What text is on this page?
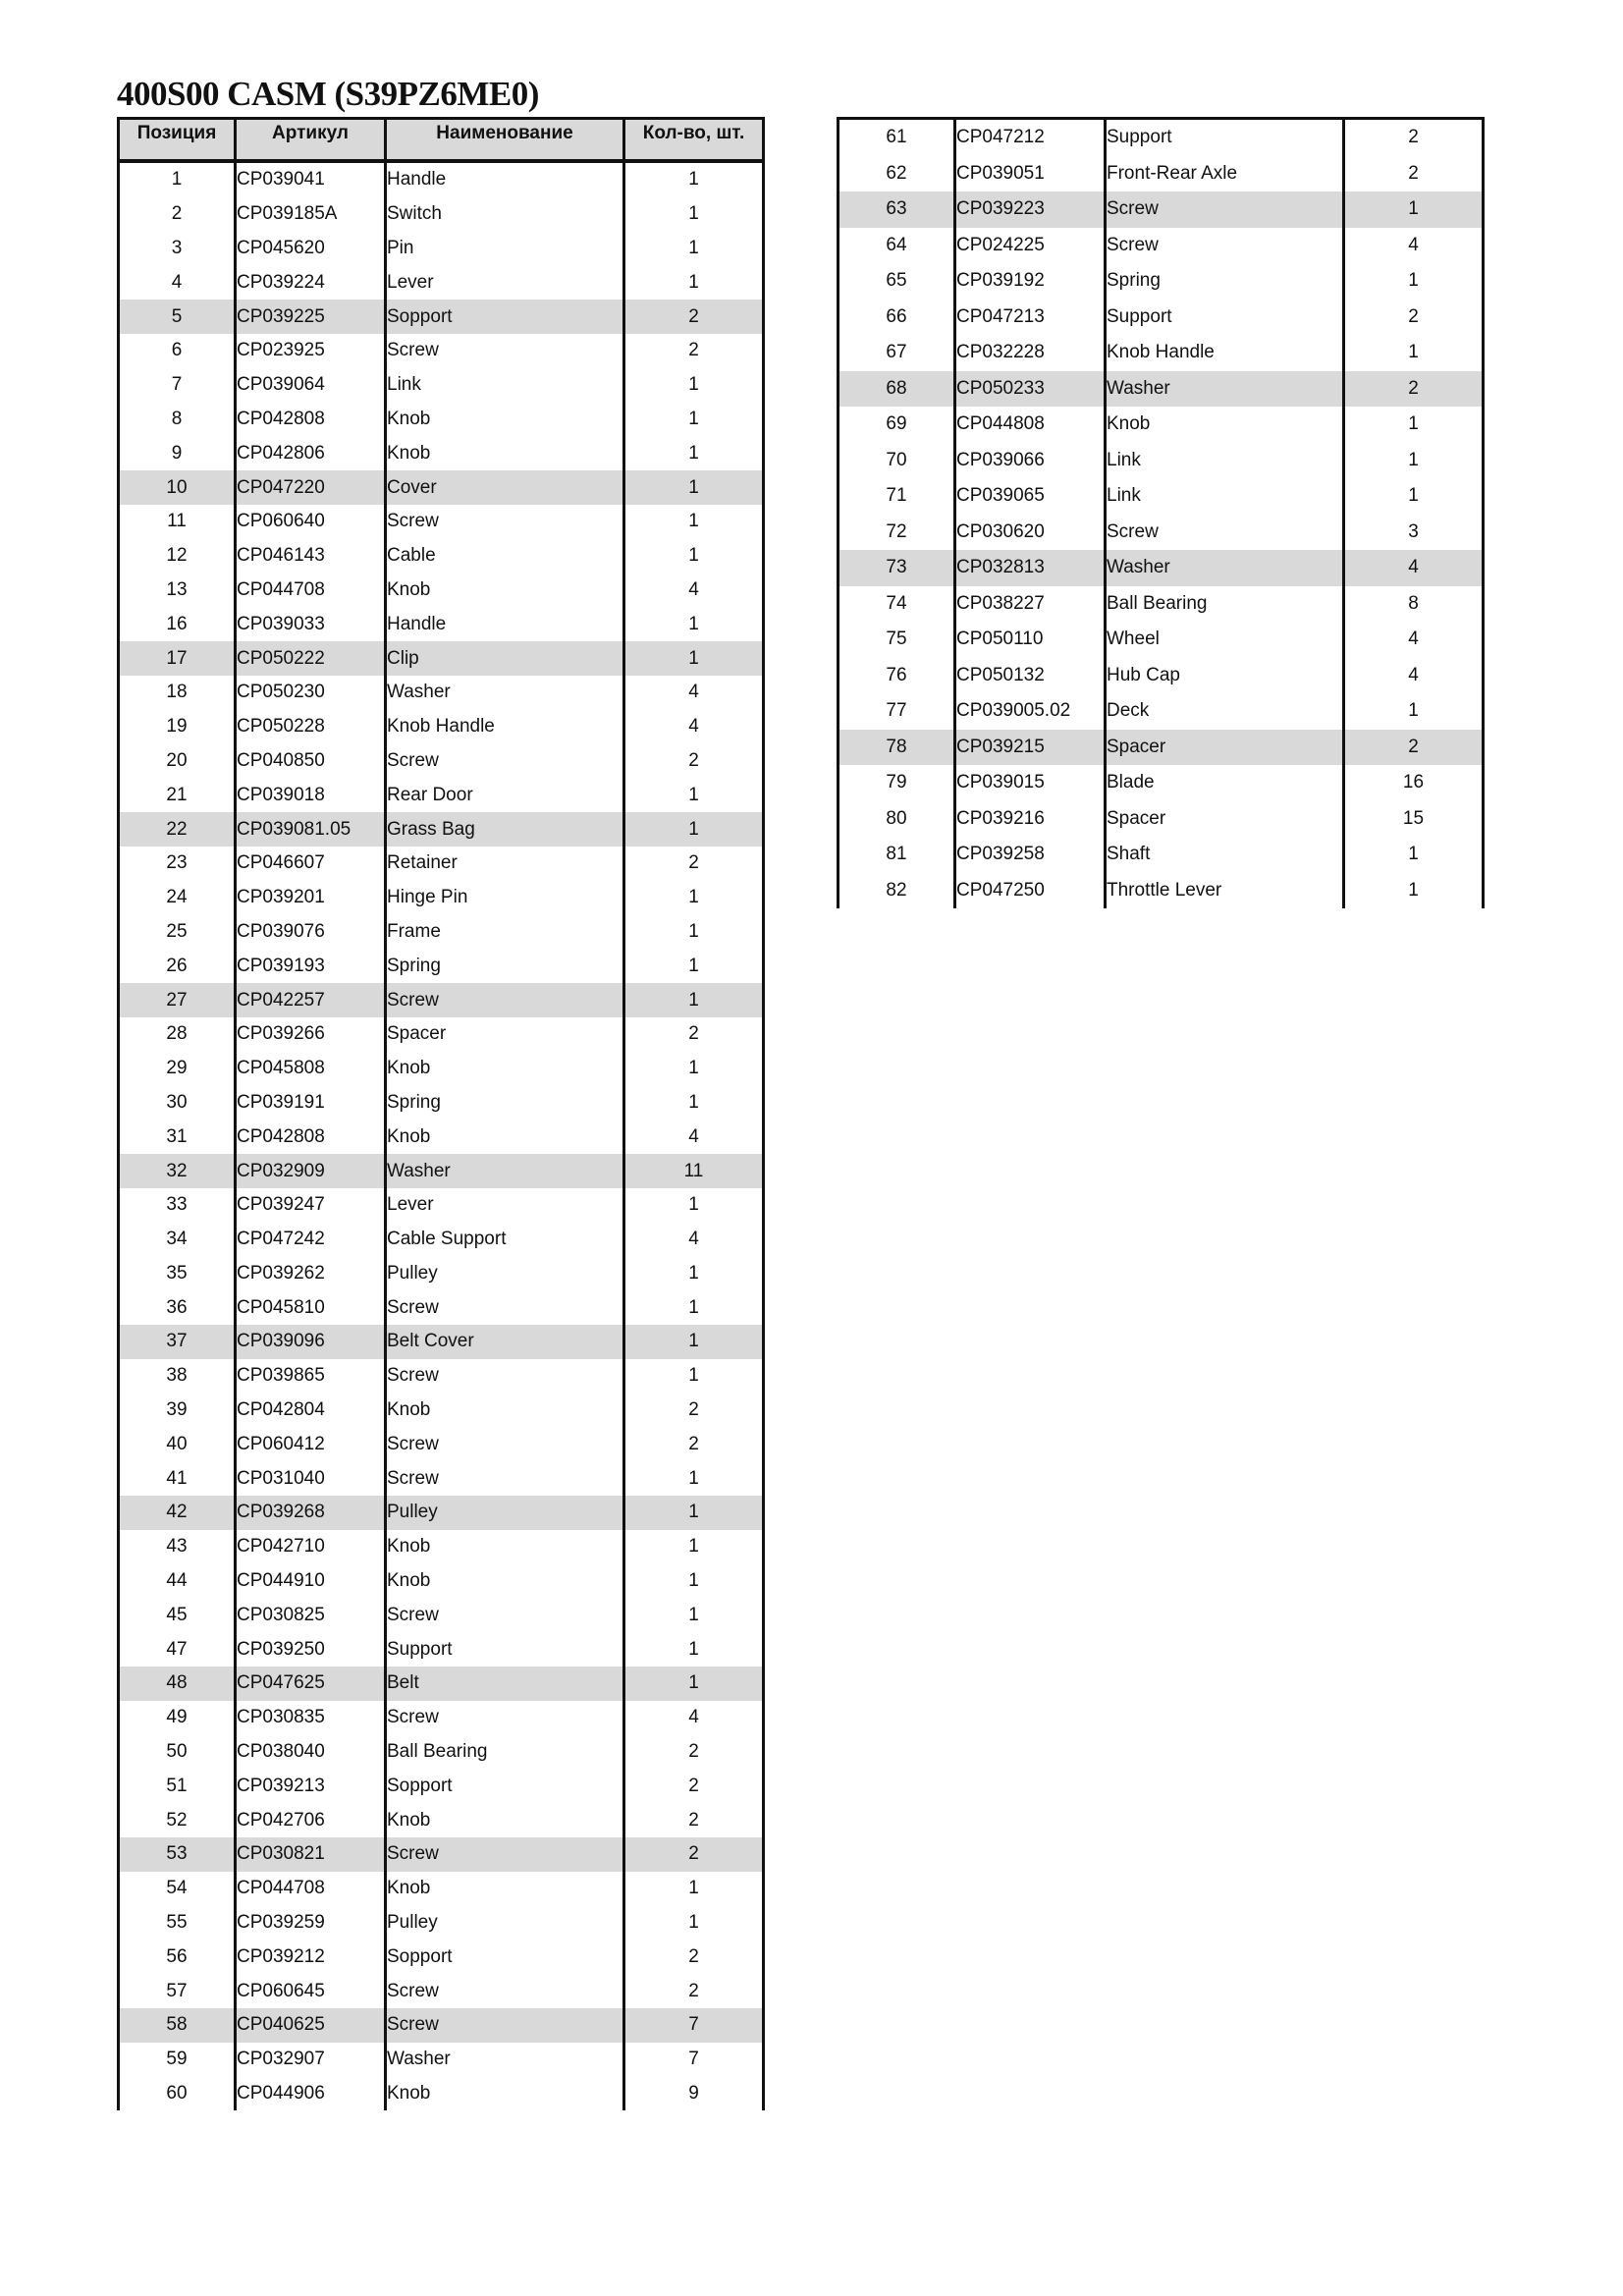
400S00 CASM (S39PZ6ME0)
Позиция	Артикул	Наименование	Кол-во, шт.
1	CP039041	Handle	1
2	CP039185A	Switch	1
3	CP045620	Pin	1
4	CP039224	Lever	1
5	CP039225	Sopport	2
6	CP023925	Screw	2
7	CP039064	Link	1
8	CP042808	Knob	1
9	CP042806	Knob	1
10	CP047220	Cover	1
11	CP060640	Screw	1
12	CP046143	Cable	1
13	CP044708	Knob	4
16	CP039033	Handle	1
17	CP050222	Clip	1
18	CP050230	Washer	4
19	CP050228	Knob Handle	4
20	CP040850	Screw	2
21	CP039018	Rear Door	1
22	CP039081.05	Grass Bag	1
23	CP046607	Retainer	2
24	CP039201	Hinge Pin	1
25	CP039076	Frame	1
26	CP039193	Spring	1
27	CP042257	Screw	1
28	CP039266	Spacer	2
29	CP045808	Knob	1
30	CP039191	Spring	1
31	CP042808	Knob	4
32	CP032909	Washer	11
33	CP039247	Lever	1
34	CP047242	Cable Support	4
35	CP039262	Pulley	1
36	CP045810	Screw	1
37	CP039096	Belt Cover	1
38	CP039865	Screw	1
39	CP042804	Knob	2
40	CP060412	Screw	2
41	CP031040	Screw	1
42	CP039268	Pulley	1
43	CP042710	Knob	1
44	CP044910	Knob	1
45	CP030825	Screw	1
47	CP039250	Support	1
48	CP047625	Belt	1
49	CP030835	Screw	4
50	CP038040	Ball Bearing	2
51	CP039213	Sopport	2
52	CP042706	Knob	2
53	CP030821	Screw	2
54	CP044708	Knob	1
55	CP039259	Pulley	1
56	CP039212	Sopport	2
57	CP060645	Screw	2
58	CP040625	Screw	7
59	CP032907	Washer	7
60	CP044906	Knob	9
61	CP047212	Support	2
62	CP039051	Front-Rear Axle	2
63	CP039223	Screw	1
64	CP024225	Screw	4
65	CP039192	Spring	1
66	CP047213	Support	2
67	CP032228	Knob Handle	1
68	CP050233	Washer	2
69	CP044808	Knob	1
70	CP039066	Link	1
71	CP039065	Link	1
72	CP030620	Screw	3
73	CP032813	Washer	4
74	CP038227	Ball Bearing	8
75	CP050110	Wheel	4
76	CP050132	Hub Cap	4
77	CP039005.02	Deck	1
78	CP039215	Spacer	2
79	CP039015	Blade	16
80	CP039216	Spacer	15
81	CP039258	Shaft	1
82	CP047250	Throttle Lever	1
